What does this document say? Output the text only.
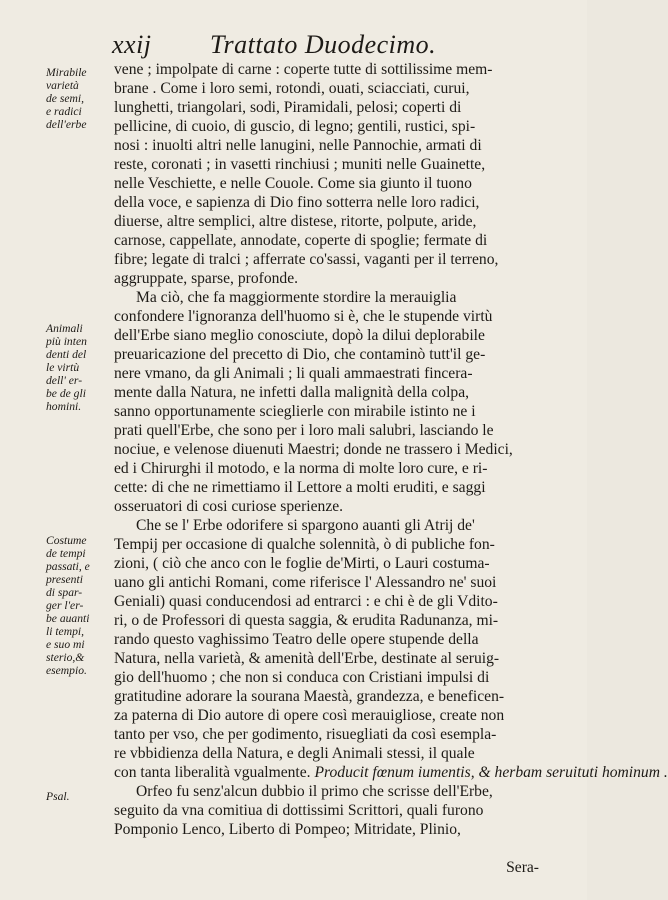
xxij Trattato Duodecimo.
Mirabile
varietà
de semi,
e radici
dell'erbe
Animali
più inten
denti del
le virtù
dell' er-
be de gli
homini.
Costume
de tempi
passati, e
presenti
di spar-
ger l'er-
be auanti
li tempi,
e suo mi
sterio,&
esempio.
Psal.
vene ; impolpate di carne : coperte tutte di sottilissime mem-
brane . Come i loro semi, rotondi, ouati, sciacciati, curui,
lunghetti, triangolari, sodi, Piramidali, pelosi; coperti di
pellicine, di cuoio, di guscio, di legno; gentili, rustici, spi-
nosi : inuolti altri nelle lanugini, nelle Pannochie, armati di
reste, coronati ; in vasetti rinchiusi ; muniti nelle Guainette,
nelle Veschiette, e nelle Couole. Come sia giunto il tuono
della voce, e sapienza di Dio fino sotterra nelle loro radici,
diuerse, altre semplici, altre distese, ritorte, polpute, aride,
carnose, cappellate, annodate, coperte di spoglie; fermate di
fibre; legate di tralci ; afferrate co'sassi, vaganti per il terreno,
aggruppate, sparse, profonde.
Ma ciò, che fa maggiormente stordire la merauiglia
confondere l'ignoranza dell'huomo si è, che le stupende virtù
dell'Erbe siano meglio conosciute, dopò la dilui deplorabile
preuaricazione del precetto di Dio, che contaminò tutt'il ge-
nere vmano, da gli Animali ; li quali ammaestrati fincera-
mente dalla Natura, ne infetti dalla malignità della colpa,
sanno opportunamente scieglierle con mirabile istinto ne i
prati quell'Erbe, che sono per i loro mali salubri, lasciando le
nociue, e velenose diuenuti Maestri; donde ne trassero i Medici,
ed i Chirurghi il motodo, e la norma di molte loro cure, e ri-
cette: di che ne rimettiamo il Lettore a molti eruditi, e saggi
osseruatori di cosi curiose sperienze.
Che se l' Erbe odorifere si spargono auanti gli Atrij de'
Tempij per occasione di qualche solennità, ò di publiche fon-
zioni, ( ciò che anco con le foglie de'Mirti, o Lauri costuma-
uano gli antichi Romani, come riferisce l' Alessandro ne' suoi
Geniali) quasi conducendosi ad entrarci : e chi è de gli Vdito-
ri, o de Professori di questa saggia, & erudita Radunanza, mi-
rando questo vaghissimo Teatro delle opere stupende della
Natura, nella varietà, & amenità dell'Erbe, destinate al seruig-
gio dell'huomo ; che non si conduca con Cristiani impulsi di
gratitudine adorare la sourana Maestà, grandezza, e beneficen-
za paterna di Dio autore di opere così merauigliose, create non
tanto per vso, che per godimento, risuegliati da così esempla-
re vbbidienza della Natura, e degli Animali stessi, il quale
con tanta liberalità vgualmente. Producit fœnum iumentis, & herbam seruituti hominum .
Orfeo fu senz'alcun dubbio il primo che scrisse dell'Erbe,
seguito da vna comitiua di dottissimi Scrittori, quali furono
Pomponio Lenco, Liberto di Pompeo; Mitridate, Plinio,
Sera-
